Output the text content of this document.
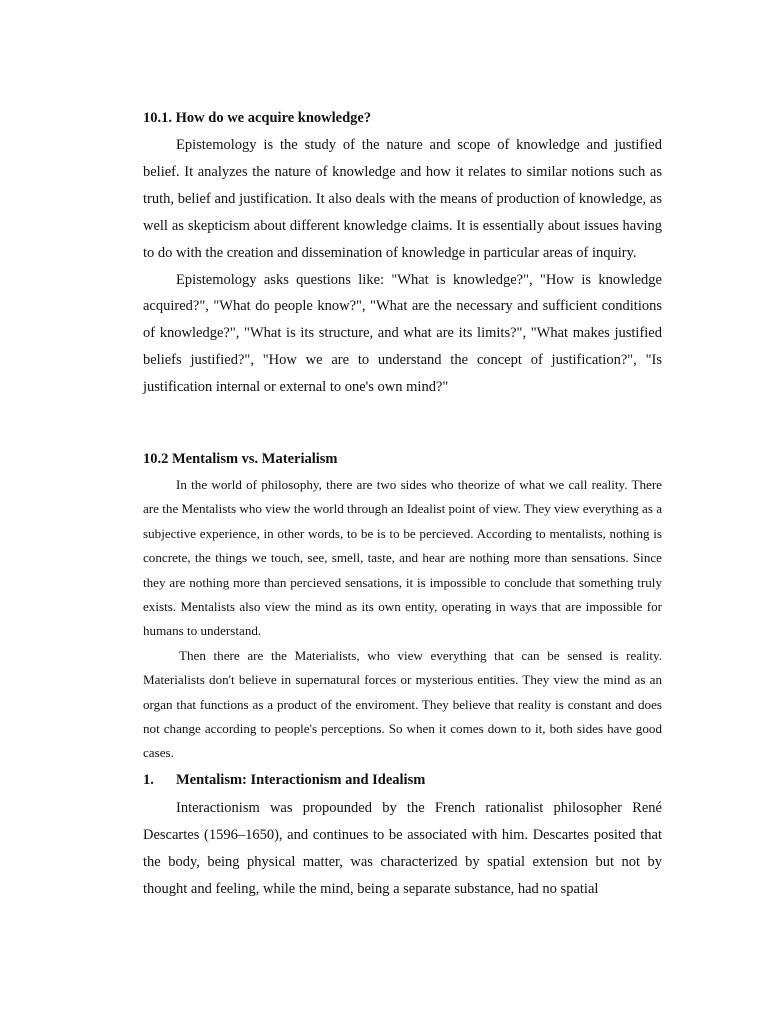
10.1. How do we acquire knowledge?

Epistemology is the study of the nature and scope of knowledge and justified belief. It analyzes the nature of knowledge and how it relates to similar notions such as truth, belief and justification. It also deals with the means of production of knowledge, as well as skepticism about different knowledge claims. It is essentially about issues having to do with the creation and dissemination of knowledge in particular areas of inquiry.

Epistemology asks questions like: "What is knowledge?", "How is knowledge acquired?", "What do people know?", "What are the necessary and sufficient conditions of knowledge?", "What is its structure, and what are its limits?", "What makes justified beliefs justified?", "How we are to understand the concept of justification?", "Is justification internal or external to one's own mind?"

10.2 Mentalism vs. Materialism

In the world of philosophy, there are two sides who theorize of what we call reality. There are the Mentalists who view the world through an Idealist point of view. They view everything as a subjective experience, in other words, to be is to be percieved. According to mentalists, nothing is concrete, the things we touch, see, smell, taste, and hear are nothing more than sensations. Since they are nothing more than percieved sensations, it is impossible to conclude that something truly exists. Mentalists also view the mind as its own entity, operating in ways that are impossible for humans to understand.

Then there are the Materialists, who view everything that can be sensed is reality. Materialists don't believe in supernatural forces or mysterious entities. They view the mind as an organ that functions as a product of the enviroment. They believe that reality is constant and does not change according to people's perceptions. So when it comes down to it, both sides have good cases.

1.	Mentalism: Interactionism and Idealism

Interactionism was propounded by the French rationalist philosopher René Descartes (1596–1650), and continues to be associated with him. Descartes posited that the body, being physical matter, was characterized by spatial extension but not by thought and feeling, while the mind, being a separate substance, had no spatial
